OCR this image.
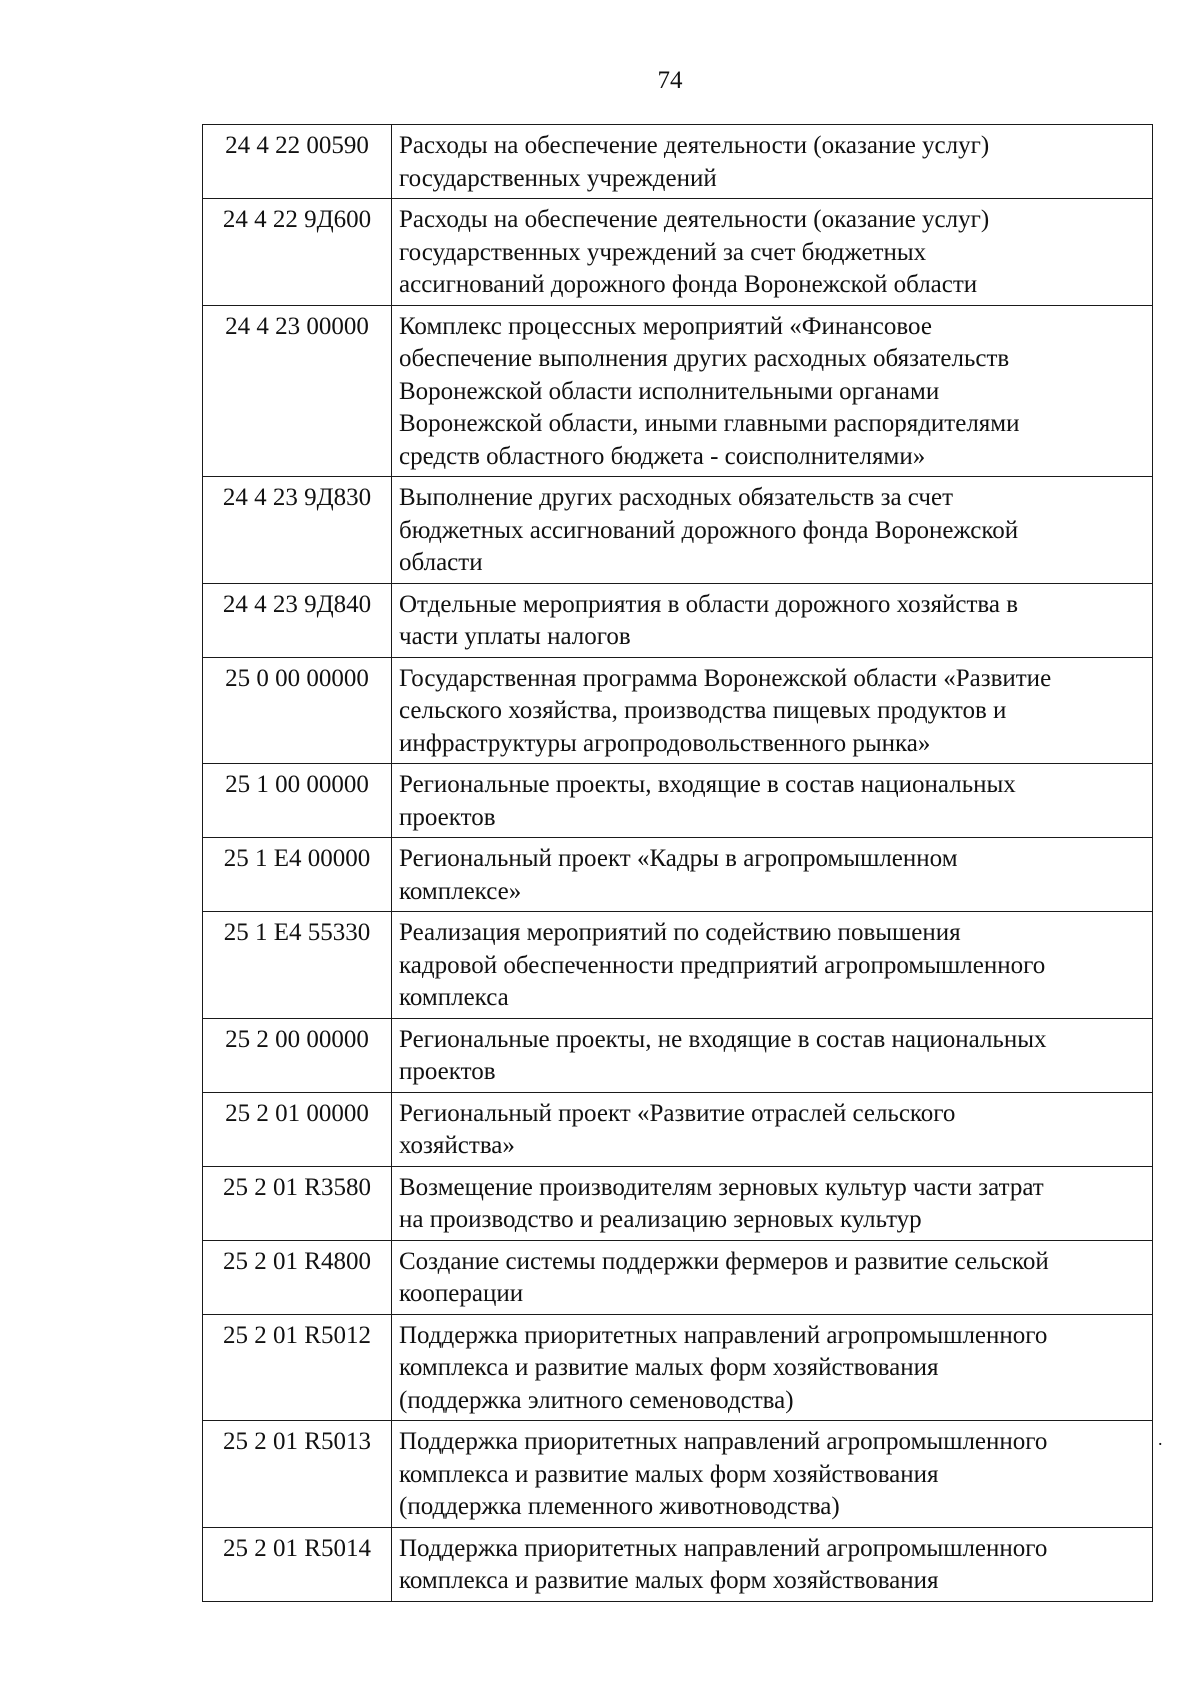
74
24 4 22 00590	Расходы на обеспечение деятельности (оказание услуг)
государственных учреждений

24 4 22 9Д600	Расходы на обеспечение деятельности (оказание услуг)
государственных учреждений за счет бюджетных
ассигнований дорожного фонда Воронежской области

24 4 23 00000	Комплекс процессных мероприятий «Финансовое
обеспечение выполнения других расходных обязательств
Воронежской области исполнительными органами
Воронежской области, иными главными распорядителями
средств областного бюджета - соисполнителями»

24 4 23 9Д830	Выполнение других расходных обязательств за счет
бюджетных ассигнований дорожного фонда Воронежской
области

24 4 23 9Д840	Отдельные мероприятия в области дорожного хозяйства в
части уплаты налогов

25 0 00 00000	Государственная программа Воронежской области «Развитие
сельского хозяйства, производства пищевых продуктов и
инфраструктуры агропродовольственного рынка»

25 1 00 00000	Региональные проекты, входящие в состав национальных
проектов

25 1 Е4 00000	Региональный проект «Кадры в агропромышленном
комплексе»

25 1 Е4 55330	Реализация мероприятий по содействию повышения
кадровой обеспеченности предприятий агропромышленного
комплекса

25 2 00 00000	Региональные проекты, не входящие в состав национальных
проектов

25 2 01 00000	Региональный проект «Развитие отраслей сельского
хозяйства»

25 2 01 R3580	Возмещение производителям зерновых культур части затрат
на производство и реализацию зерновых культур

25 2 01 R4800	Создание системы поддержки фермеров и развитие сельской
кооперации

25 2 01 R5012	Поддержка приоритетных направлений агропромышленного
комплекса и развитие малых форм хозяйствования
(поддержка элитного семеноводства)

25 2 01 R5013	Поддержка приоритетных направлений агропромышленного
комплекса и развитие малых форм хозяйствования
(поддержка племенного животноводства)

25 2 01 R5014	Поддержка приоритетных направлений агропромышленного
комплекса и развитие малых форм хозяйствования
.
